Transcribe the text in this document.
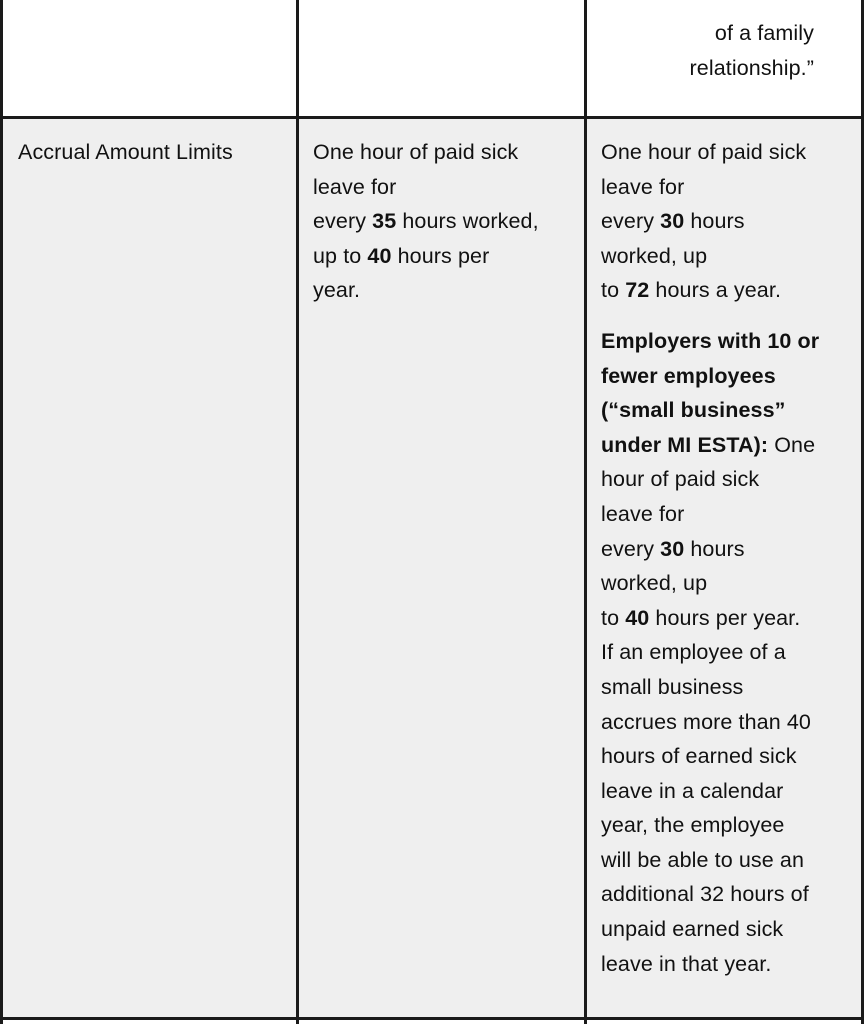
of a family

relationship.”

Accrual Amount Limits	One hour of paid sick

leave for

every 35 hours worked,

up to 40 hours per

year.

One hour of paid sick

leave for

every 30 hours

worked, up

to 72 hours a year.

Employers with 10 or

fewer employees

(“small business”

under MI ESTA): One

hour of paid sick

leave for

every 30 hours

worked, up

to 40 hours per year.

If an employee of a

small business

accrues more than 40

hours of earned sick

leave in a calendar

year, the employee

will be able to use an

additional 32 hours of

unpaid earned sick

leave in that year.
